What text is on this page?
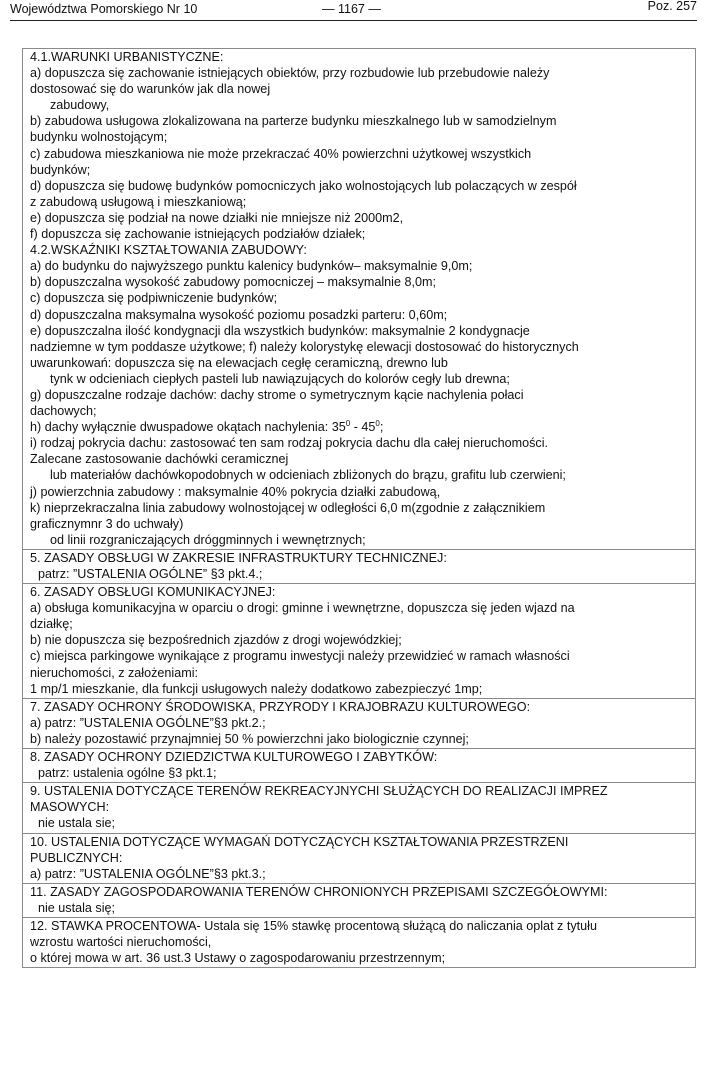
Województwa Pomorskiego Nr 10	— 1167 —	Poz. 257
4.1.WARUNKI URBANISTYCZNE:
a) dopuszcza się zachowanie istniejących obiektów, przy rozbudowie lub przebudowie należy
dostosować się do warunków jak dla nowej
zabudowy,
b) zabudowa usługowa zlokalizowana na parterze budynku mieszkalnego lub w samodzielnym
budynku wolnostojącym;
c) zabudowa mieszkaniowa nie może przekraczać 40% powierzchni użytkowej wszystkich
budynków;
d) dopuszcza się budowę budynków pomocniczych jako wolnostojących lub polaczących w zespół
z zabudową usługową i mieszkaniową;
e) dopuszcza się podział na nowe działki nie mniejsze niż 2000m2,
f) dopuszcza się zachowanie istniejących podziałów działek;
4.2.WSKAŹNIKI KSZTAŁTOWANIA ZABUDOWY:
a) do budynku do najwyższego punktu kalenicy budynków– maksymalnie 9,0m;
b) dopuszczalna wysokość zabudowy pomocniczej – maksymalnie 8,0m;
c) dopuszcza się podpiwniczenie budynków;
d) dopuszczalna maksymalna wysokość poziomu posadzki parteru: 0,60m;
e) dopuszczalna ilość kondygnacji dla wszystkich budynków: maksymalnie 2 kondygnacje
nadziemne w tym poddasze użytkowe; f) należy kolorystykę elewacji dostosować do historycznych
uwarunkowań: dopuszcza się na elewacjach cegłę ceramiczną, drewno lub
tynk w odcieniach ciepłych pasteli lub nawiązujących do kolorów cegły lub drewna;
g) dopuszczalne rodzaje dachów: dachy strome o symetrycznym kącie nachylenia połaci
dachowych;
h) dachy wyłącznie dwuspadowe okątach nachylenia: $35^0 - 45^0$;
i) rodzaj pokrycia dachu: zastosować ten sam rodzaj pokrycia dachu dla całej nieruchomości.
Zalecane zastosowanie dachówki ceramicznej
lub materiałów dachówkopodobnych w odcieniach zbliżonych do brązu, grafitu lub czerwieni;
j) powierzchnia zabudowy : maksymalnie 40% pokrycia działki zabudową,
k) nieprzekraczalna linia zabudowy wolnostojącej w odległości 6,0 m(zgodnie z załącznikiem
graficznymnr 3 do uchwały)
od linii rozgraniczających dróggminnych i wewnętrznych;
5. ZASADY OBSŁUGI W ZAKRESIE INFRASTRUKTURY TECHNICZNEJ:
patrz: ”USTALENIA OGÓLNE” §3 pkt.4.;
6. ZASADY OBSŁUGI KOMUNIKACYJNEJ:
a) obsługa komunikacyjna w oparciu o drogi: gminne i wewnętrzne, dopuszcza się jeden wjazd na
działkę;
b) nie dopuszcza się bezpośrednich zjazdów z drogi wojewódzkiej;
c) miejsca parkingowe wynikające z programu inwestycji należy przewidzieć w ramach własności
nieruchomości, z założeniami:
1 mp/1 mieszkanie, dla funkcji usługowych należy dodatkowo zabezpieczyć 1mp;
7. ZASADY OCHRONY ŚRODOWISKA, PRZYRODY I KRAJOBRAZU KULTUROWEGO:
a) patrz: ”USTALENIA OGÓLNE”§3 pkt.2.;
b) należy pozostawić przynajmniej 50 % powierzchni jako biologicznie czynnej;
8. ZASADY OCHRONY DZIEDZICTWA KULTUROWEGO I ZABYTKÓW:
patrz: ustalenia ogólne §3 pkt.1;
9. USTALENIA DOTYCZĄCE TERENÓW REKREACYJNYCHI SŁUŻĄCYCH DO REALIZACJI IMPREZ
MASOWYCH:
nie ustala sie;
10. USTALENIA DOTYCZĄCE WYMAGAŃ DOTYCZĄCYCH KSZTAŁTOWANIA PRZESTRZENI
PUBLICZNYCH:
a) patrz: ”USTALENIA OGÓLNE”§3 pkt.3.;
11. ZASADY ZAGOSPODAROWANIA TERENÓW CHRONIONYCH PRZEPISAMI SZCZEGÓŁOWYMI:
nie ustala się;
12. STAWKA PROCENTOWA- Ustala się 15% stawkę procentową służącą do naliczania oplat z tytułu
wzrostu wartości nieruchomości,
o której mowa w art. 36 ust.3 Ustawy o zagospodarowaniu przestrzennym;
